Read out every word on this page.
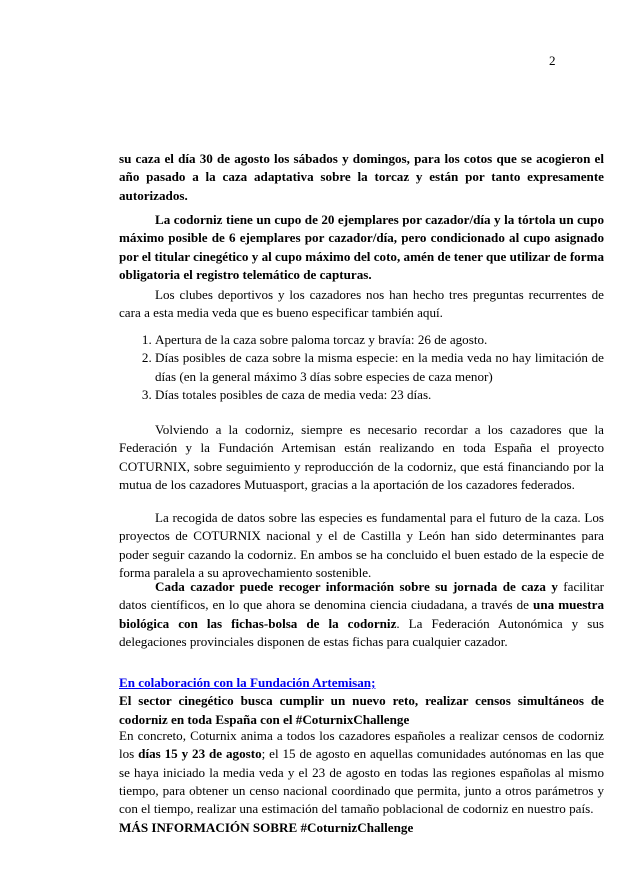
2

su caza el día 30 de agosto los sábados y domingos, para los cotos que se acogieron el año pasado a la caza adaptativa sobre la torcaz y están por tanto expresamente autorizados.

La codorniz tiene un cupo de 20 ejemplares por cazador/día y la tórtola un cupo máximo posible de 6 ejemplares por cazador/día, pero condicionado al cupo asignado por el titular cinegético y al cupo máximo del coto, amén de tener que utilizar de forma obligatoria el registro telemático de capturas.

Los clubes deportivos y los cazadores nos han hecho tres preguntas recurrentes de cara a esta media veda que es bueno especificar también aquí.

1. Apertura de la caza sobre paloma torcaz y bravía: 26 de agosto.
2. Días posibles de caza sobre la misma especie: en la media veda no hay limitación de días (en la general máximo 3 días sobre especies de caza menor)
3. Días totales posibles de caza de media veda: 23 días.

Volviendo a la codorniz, siempre es necesario recordar a los cazadores que la Federación y la Fundación Artemisan están realizando en toda España el proyecto COTURNIX, sobre seguimiento y reproducción de la codorniz, que está financiando por la mutua de los cazadores Mutuasport, gracias a la aportación de los cazadores federados.

La recogida de datos sobre las especies es fundamental para el futuro de la caza. Los proyectos de COTURNIX nacional y el de Castilla y León han sido determinantes para poder seguir cazando la codorniz. En ambos se ha concluido el buen estado de la especie de forma paralela a su aprovechamiento sostenible.

Cada cazador puede recoger información sobre su jornada de caza y facilitar datos científicos, en lo que ahora se denomina ciencia ciudadana, a través de una muestra biológica con las fichas-bolsa de la codorniz. La Federación Autonómica y sus delegaciones provinciales disponen de estas fichas para cualquier cazador.

En colaboración con la Fundación Artemisan;

El sector cinegético busca cumplir un nuevo reto, realizar censos simultáneos de codorniz en toda España con el #CoturnixChallenge

En concreto, Coturnix anima a todos los cazadores españoles a realizar censos de codorniz los días 15 y 23 de agosto; el 15 de agosto en aquellas comunidades autónomas en las que se haya iniciado la media veda y el 23 de agosto en todas las regiones españolas al mismo tiempo, para obtener un censo nacional coordinado que permita, junto a otros parámetros y con el tiempo, realizar una estimación del tamaño poblacional de codorniz en nuestro país.

MÁS INFORMACIÓN SOBRE #CoturnizChallenge
